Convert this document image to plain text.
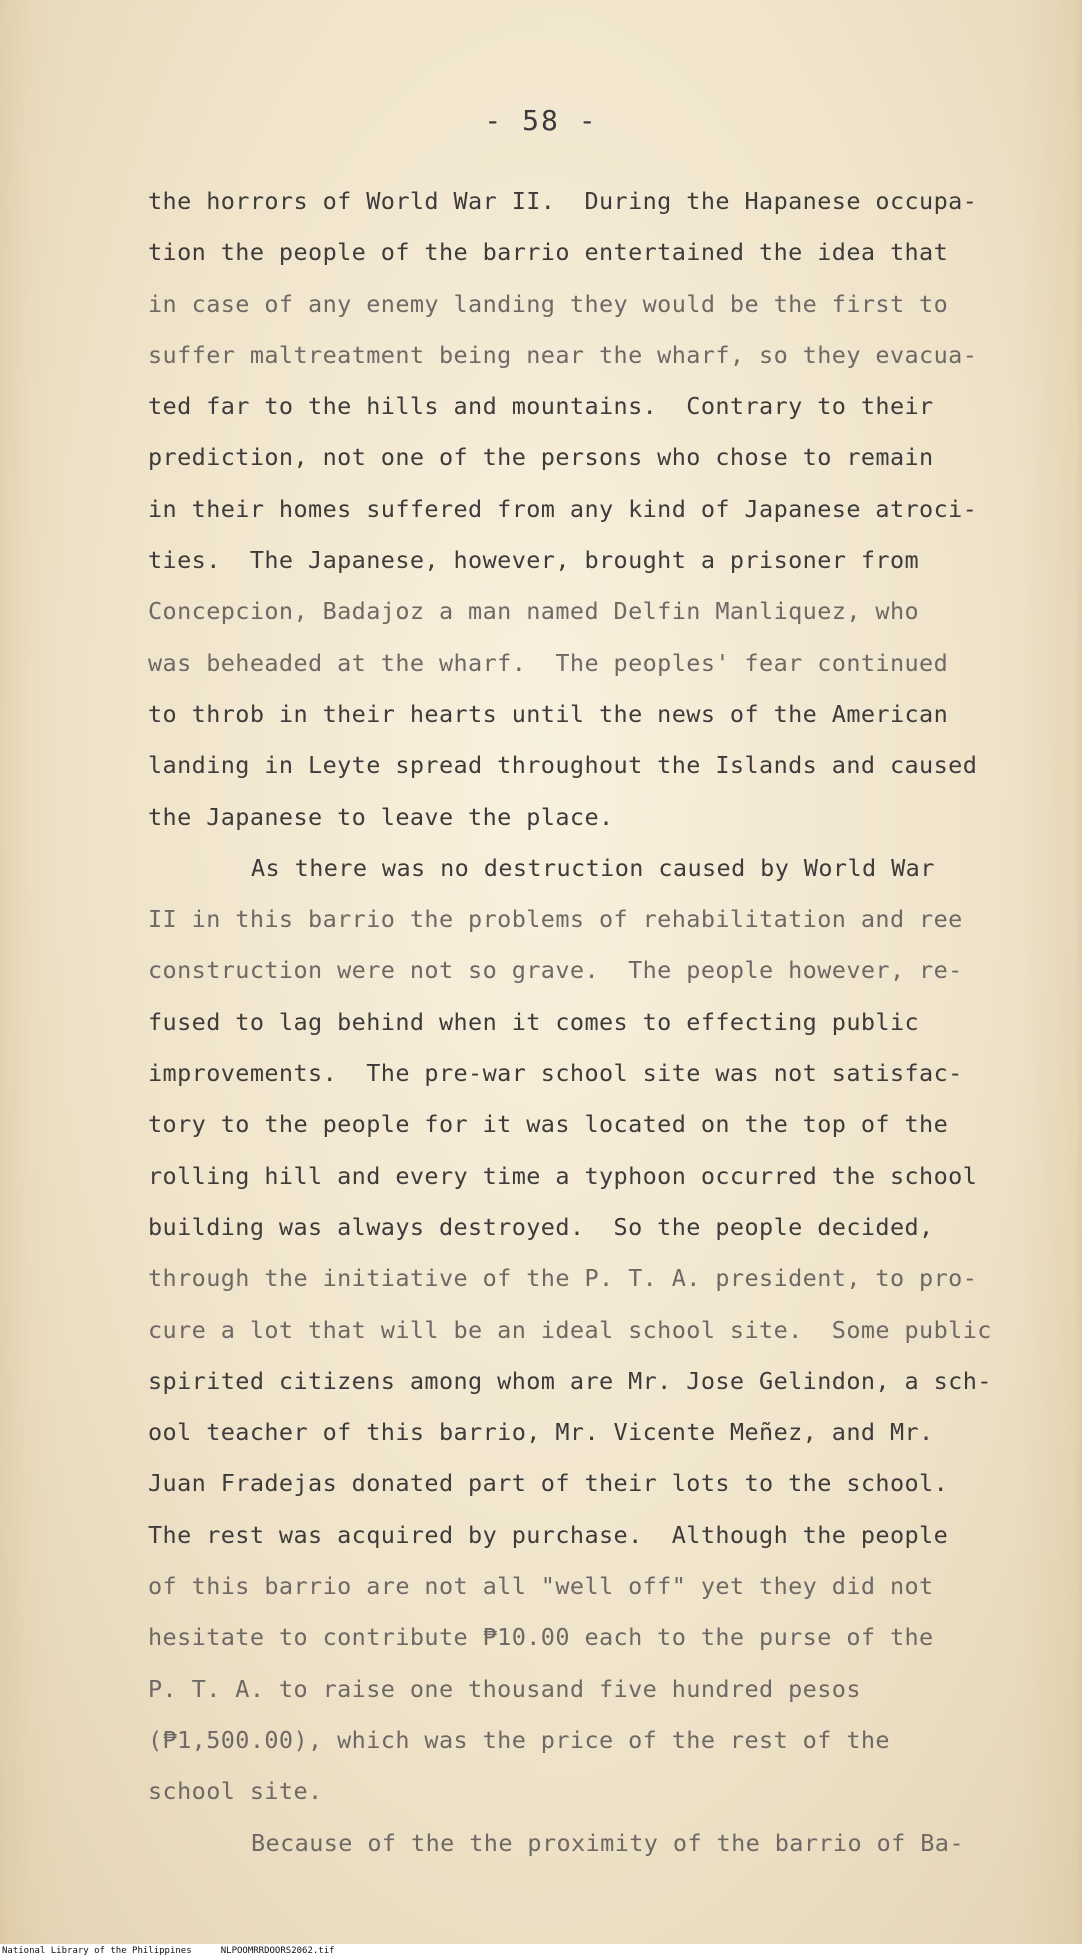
- 58 -
the horrors of World War II.  During the Hapanese occupa-
tion the people of the barrio entertained the idea that
in case of any enemy landing they would be the first to
suffer maltreatment being near the wharf, so they evacua-
ted far to the hills and mountains.  Contrary to their
prediction, not one of the persons who chose to remain
in their homes suffered from any kind of Japanese atroci-
ties.  The Japanese, however, brought a prisoner from
Concepcion, Badajoz a man named Delfin Manliquez, who
was beheaded at the wharf.  The peoples' fear continued
to throb in their hearts until the news of the American
landing in Leyte spread throughout the Islands and caused
the Japanese to leave the place.
As there was no destruction caused by World War
II in this barrio the problems of rehabilitation and ree
construction were not so grave.  The people however, re-
fused to lag behind when it comes to effecting public
improvements.  The pre-war school site was not satisfac-
tory to the people for it was located on the top of the
rolling hill and every time a typhoon occurred the school
building was always destroyed.  So the people decided,
through the initiative of the P. T. A. president, to pro-
cure a lot that will be an ideal school site.  Some public
spirited citizens among whom are Mr. Jose Gelindon, a sch-
ool teacher of this barrio, Mr. Vicente Meñez, and Mr.
Juan Fradejas donated part of their lots to the school.
The rest was acquired by purchase.  Although the people
of this barrio are not all "well off" yet they did not
hesitate to contribute ₱10.00 each to the purse of the
P. T. A. to raise one thousand five hundred pesos
(₱1,500.00), which was the price of the rest of the
school site.
Because of the the proximity of the barrio of Ba-
National Library of the Philippines	NLPOOMRRDOORS2062.tif
